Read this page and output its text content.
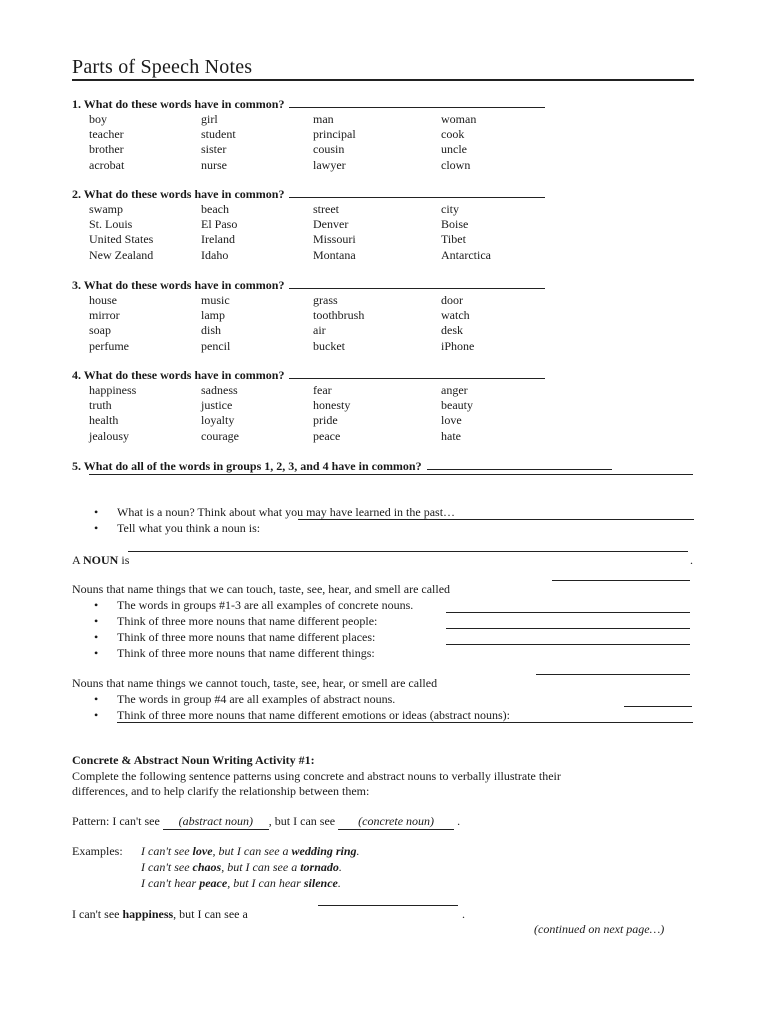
Parts of Speech Notes
1. What do these words have in common?
boy	girl	man	woman
teacher	student	principal	cook
brother	sister	cousin	uncle
acrobat	nurse	lawyer	clown
2. What do these words have in common?
swamp	beach	street	city
St. Louis	El Paso	Denver	Boise
United States	Ireland	Missouri	Tibet
New Zealand	Idaho	Montana	Antarctica
3. What do these words have in common?
house	music	grass	door
mirror	lamp	toothbrush	watch
soap	dish	air	desk
perfume	pencil	bucket	iPhone
4. What do these words have in common?
happiness	sadness	fear	anger
truth	justice	honesty	beauty
health	loyalty	pride	love
jealousy	courage	peace	hate
5. What do all of the words in groups 1, 2, 3, and 4 have in common?
• What is a noun? Think about what you may have learned in the past…
• Tell what you think a noun is:
A NOUN is	.
Nouns that name things that we can touch, taste, see, hear, and smell are called
• The words in groups #1-3 are all examples of concrete nouns.
• Think of three more nouns that name different people:
• Think of three more nouns that name different places:
• Think of three more nouns that name different things:
Nouns that name things we cannot touch, taste, see, hear, or smell are called
• The words in group #4 are all examples of abstract nouns.
• Think of three more nouns that name different emotions or ideas (abstract nouns):
Concrete & Abstract Noun Writing Activity #1:
Complete the following sentence patterns using concrete and abstract nouns to verbally illustrate their
differences, and to help clarify the relationship between them:
Pattern: I can't see (abstract noun) , but I can see (concrete noun) .
Examples: I can't see love, but I can see a wedding ring.
I can't see chaos, but I can see a tornado.
I can't hear peace, but I can hear silence.
I can't see happiness, but I can see a	.
(continued on next page…)
